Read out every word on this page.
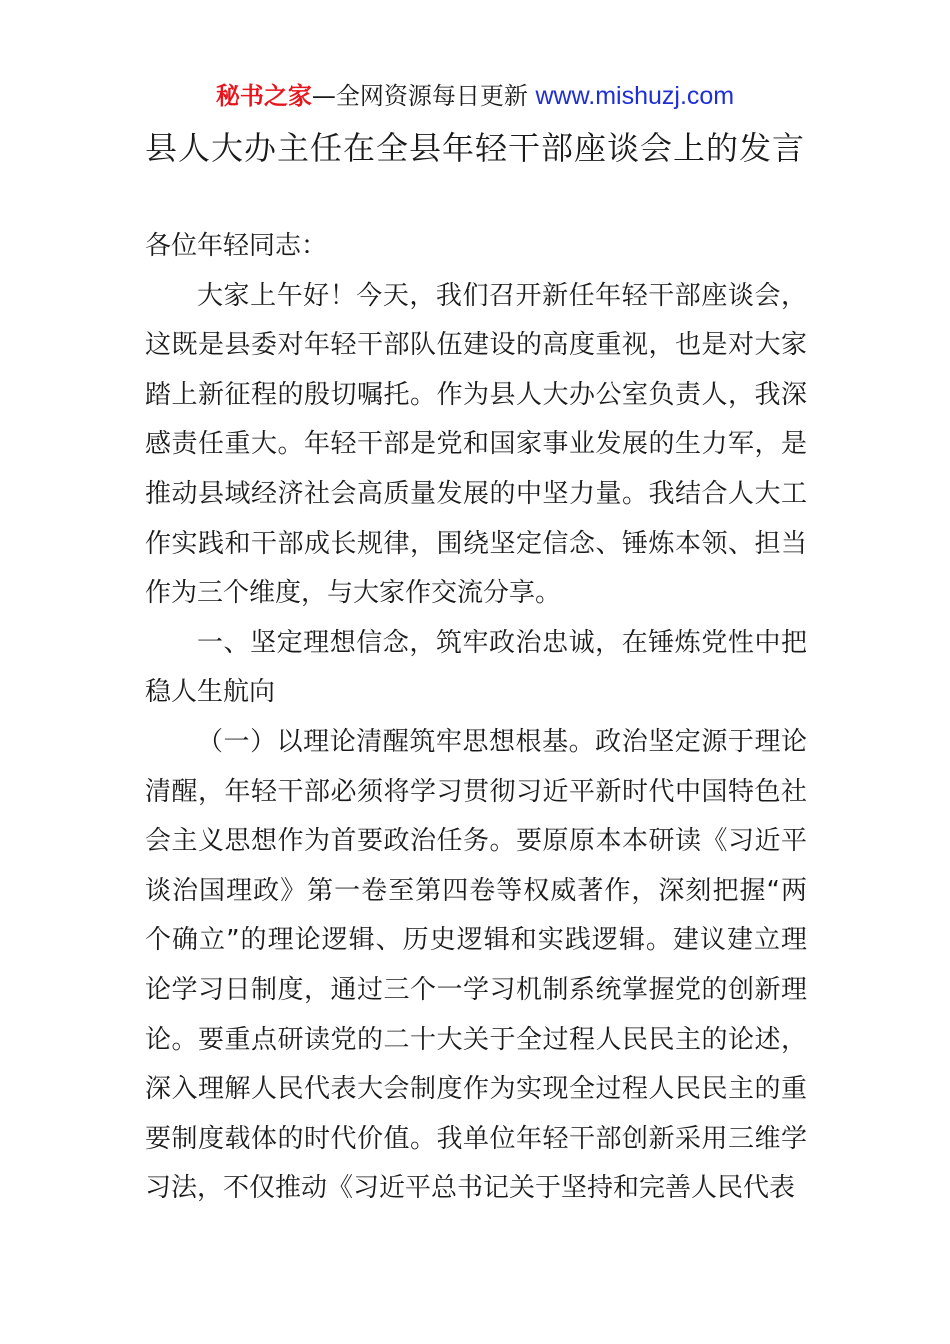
秘书之家—全网资源每日更新 www.mishuzj.com
县人大办主任在全县年轻干部座谈会上的发言

各位年轻同志：

大家上午好！今天，我们召开新任年轻干部座谈会，这既是县委对年轻干部队伍建设的高度重视，也是对大家踏上新征程的殷切嘱托。作为县人大办公室负责人，我深感责任重大。年轻干部是党和国家事业发展的生力军，是推动县域经济社会高质量发展的中坚力量。我结合人大工作实践和干部成长规律，围绕坚定信念、锤炼本领、担当作为三个维度，与大家作交流分享。

一、坚定理想信念，筑牢政治忠诚，在锤炼党性中把稳人生航向

（一）以理论清醒筑牢思想根基。政治坚定源于理论清醒，年轻干部必须将学习贯彻习近平新时代中国特色社会主义思想作为首要政治任务。要原原本本研读《习近平谈治国理政》第一卷至第四卷等权威著作，深刻把握“两个确立”的理论逻辑、历史逻辑和实践逻辑。建议建立理论学习日制度，通过三个一学习机制系统掌握党的创新理论。要重点研读党的二十大关于全过程人民民主的论述，深入理解人民代表大会制度作为实现全过程人民民主的重要制度载体的时代价值。我单位年轻干部创新采用三维学习法，不仅推动《习近平总书记关于坚持和完善人民代表
